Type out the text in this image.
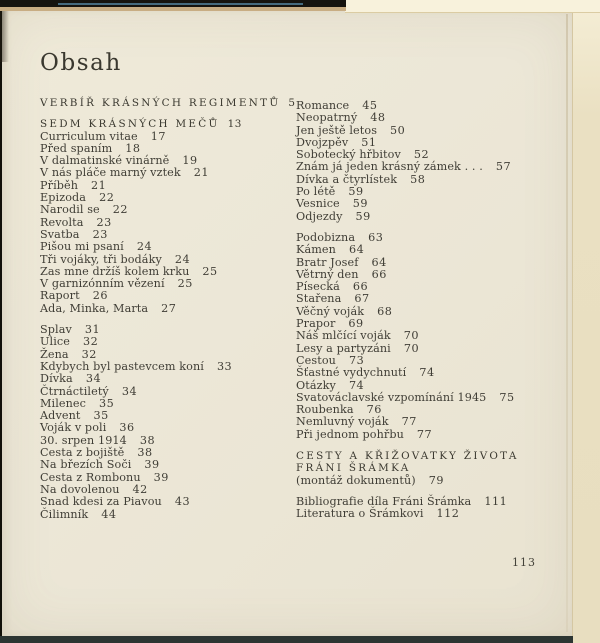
Obsah
VERBÍŘ KRÁSNÝCH REGIMENTŮ 5
SEDM KRÁSNÝCH MEČŮ 13
Curriculum vitae 17
Před spaním 18
V dalmatinské vinárně 19
V nás pláče marný vztek 21
Příběh 21
Epizoda 22
Narodil se 22
Revolta 23
Svatba 23
Pišou mi psaní 24
Tři vojáky, tři bodáky 24
Zas mne držíš kolem krku 25
V garnizónním vězení 25
Raport 26
Ada, Minka, Marta 27
Splav 31
Ulice 32
Žena 32
Kdybych byl pastevcem koní 33
Dívka 34
Čtrnáctiletý 34
Milenec 35
Advent 35
Voják v poli 36
30. srpen 1914 38
Cesta z bojiště 38
Na březích Soči 39
Cesta z Rombonu 39
Na dovolenou 42
Snad kdesi za Piavou 43
Čilimník 44
Romance 45
Neopatrný 48
Jen ještě letos 50
Dvojzpěv 51
Sobotecký hřbitov 52
Znám já jeden krásný zámek . . . 57
Dívka a čtyrlístek 58
Po létě 59
Vesnice 59
Odjezdy 59
Podobizna 63
Kámen 64
Bratr Josef 64
Větrný den 66
Písecká 66
Stařena 67
Věčný voják 68
Prapor 69
Náš mlčící voják 70
Lesy a partyzáni 70
Cestou 73
Šťastné vydychnutí 74
Otázky 74
Svatováclavské vzpomínání 1945 75
Roubenka 76
Nemluvný voják 77
Při jednom pohřbu 77
CESTY A KŘIŽOVATKY ŽIVOTA
FRÁNI ŠRÁMKA
(montáž dokumentů) 79
Bibliografie díla Fráni Šrámka 111
Literatura o Šrámkovi 112
113
